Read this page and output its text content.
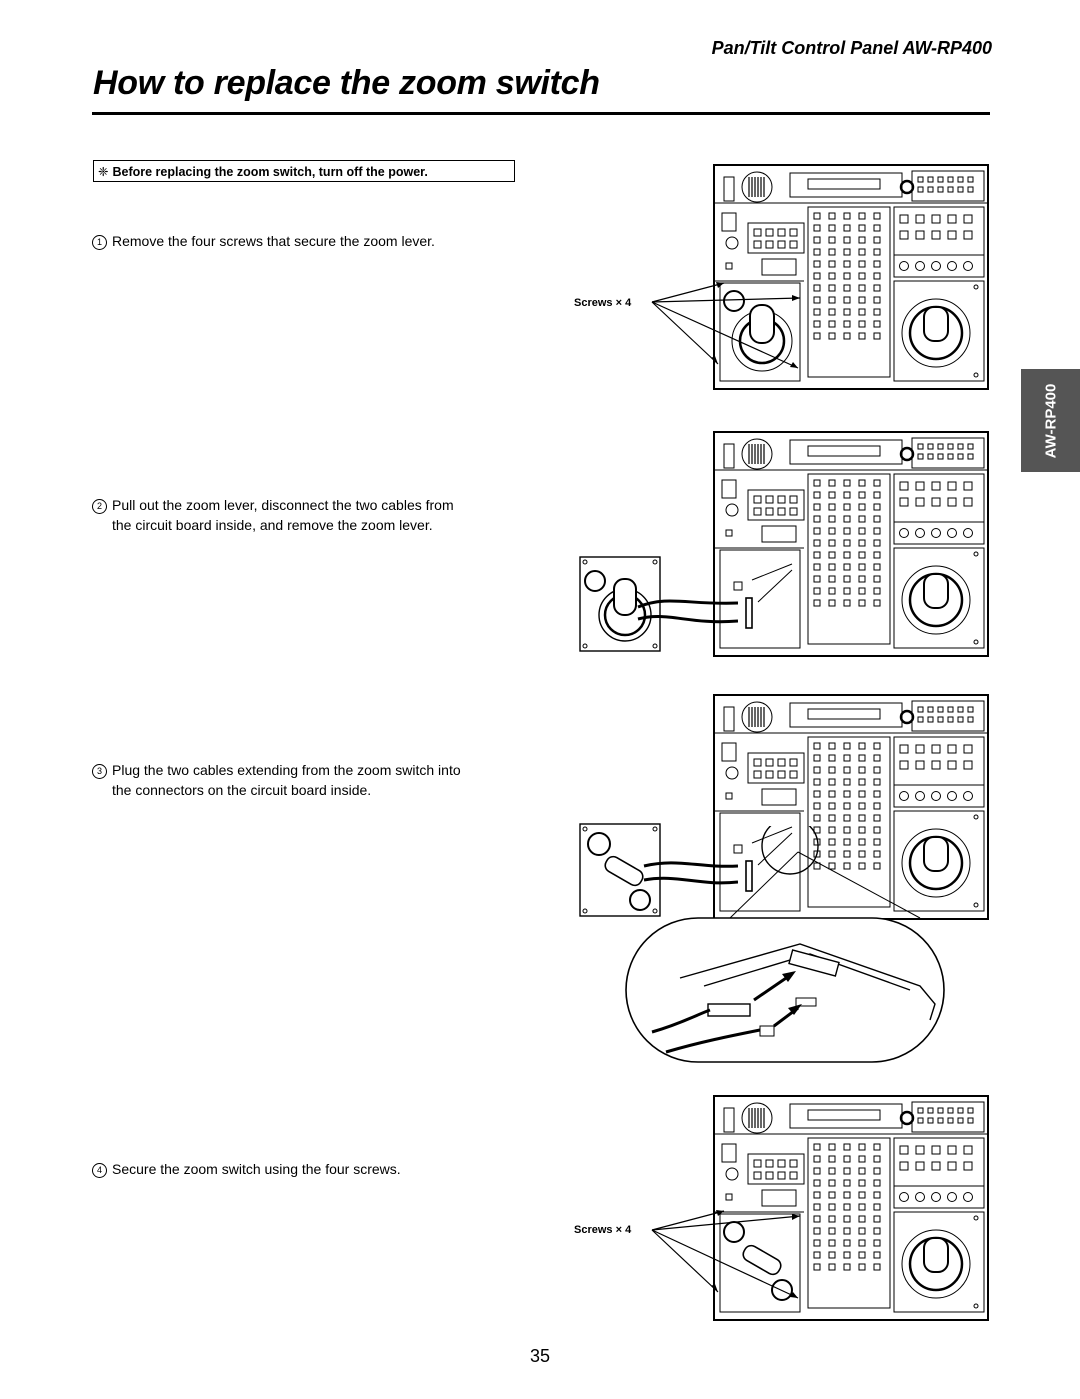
Pan/Tilt Control Panel AW-RP400
How to replace the zoom switch
❈ Before replacing the zoom switch, turn off the power.
1 Remove the four screws that secure the zoom lever.
2 Pull out the zoom lever, disconnect the two cables from
the circuit board inside, and remove the zoom lever.
3 Plug the two cables extending from the zoom switch into
the connectors on the circuit board inside.
4 Secure the zoom switch using the four screws.
AW-RP400
Screws × 4
Screws × 4
35
